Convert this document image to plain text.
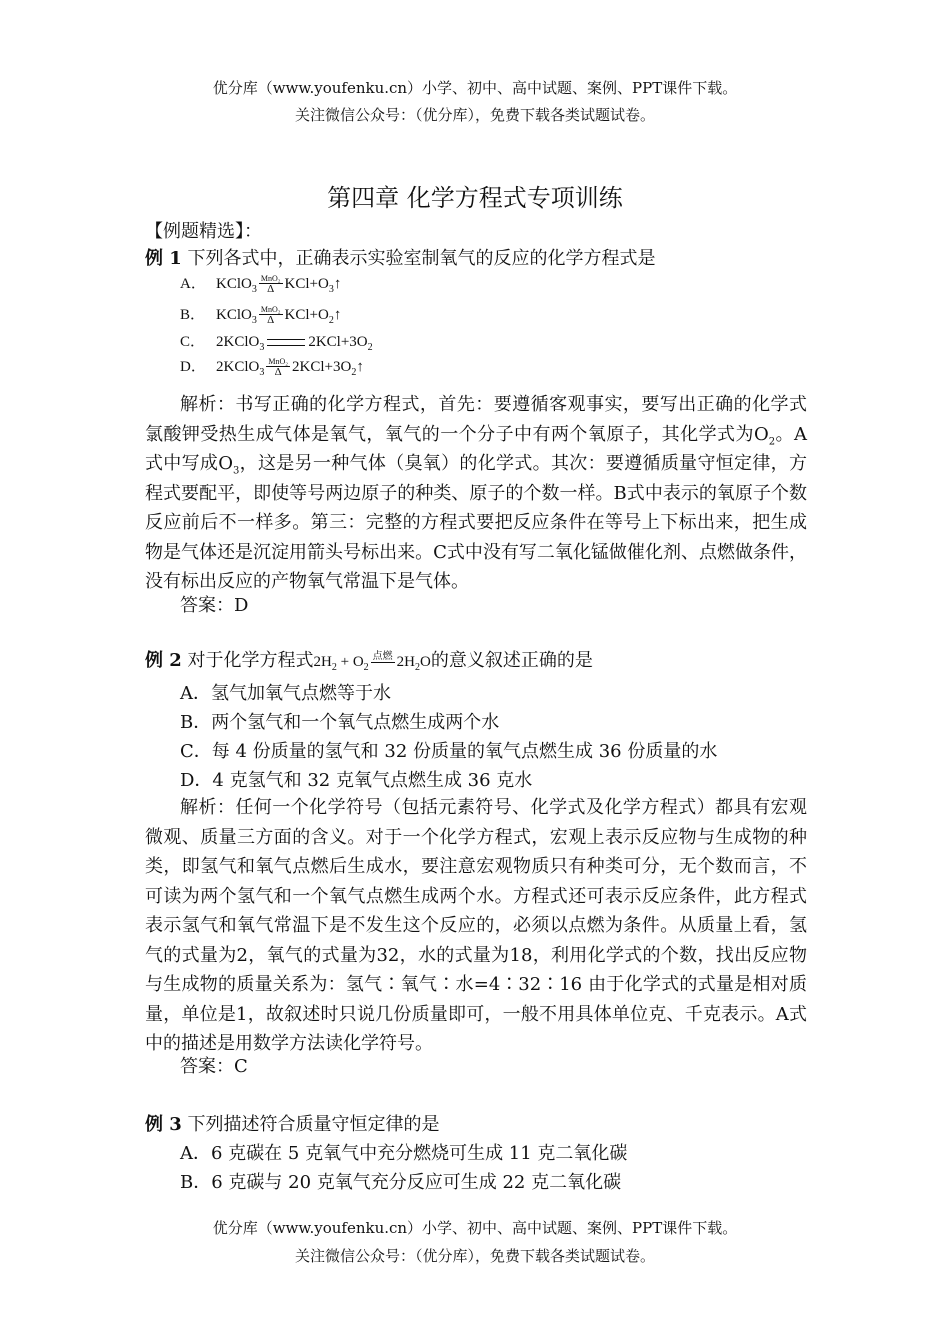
优分库（www.youfenku.cn）小学、初中、高中试题、案例、PPT课件下载。
关注微信公众号：（优分库），免费下载各类试题试卷。
第四章 化学方程式专项训练
【例题精选】：
例 1 下列各式中，正确表示实验室制氧气的反应的化学方程式是
A． KClO$_3$
MnO₂
Δ $KCl+O_3↑$
B． KClO$_3$
MnO₂
Δ $KCl+O_2↑$
C． 2KClO$_3$	$2KCl+3O_2$
D． 2KClO$_3$
MnO₂
Δ $2KCl+3O_2↑$
解析：书写正确的化学方程式，首先：要遵循客观事实，要写出正确的化学式氯酸钾受热生成气体是氧气，氧气的一个分子中有两个氧原子，其化学式为$O_2$。A式中写成$O_3$，这是另一种气体（臭氧）的化学式。其次：要遵循质量守恒定律，方程式要配平，即使等号两边原子的种类、原子的个数一样。B式中表示的氧原子个数反应前后不一样多。第三：完整的方程式要把反应条件在等号上下标出来，把生成物是气体还是沉淀用箭头号标出来。C式中没有写二氧化锰做催化剂、点燃做条件，没有标出反应的产物氧气常温下是气体。
答案：D
例 2 对于化学方程式$2H_2 + O_2$
点燃
$2H_2O$的意义叙述正确的是
A．氢气加氧气点燃等于水
B．两个氢气和一个氧气点燃生成两个水
C．每 4 份质量的氢气和 32 份质量的氧气点燃生成 36 份质量的水
D．4 克氢气和 32 克氧气点燃生成 36 克水
解析：任何一个化学符号（包括元素符号、化学式及化学方程式）都具有宏观微观、质量三方面的含义。对于一个化学方程式，宏观上表示反应物与生成物的种类，即氢气和氧气点燃后生成水，要注意宏观物质只有种类可分，无个数而言，不可读为两个氢气和一个氧气点燃生成两个水。方程式还可表示反应条件，此方程式表示氢气和氧气常温下是不发生这个反应的，必须以点燃为条件。从质量上看，氢气的式量为2，氧气的式量为32，水的式量为18，利用化学式的个数，找出反应物与生成物的质量关系为：氢气∶氧气∶水=4∶32∶16 由于化学式的式量是相对质量，单位是1，故叙述时只说几份质量即可，一般不用具体单位克、千克表示。A式中的描述是用数学方法读化学符号。
答案：C
例 3 下列描述符合质量守恒定律的是
A．6 克碳在 5 克氧气中充分燃烧可生成 11 克二氧化碳
B．6 克碳与 20 克氧气充分反应可生成 22 克二氧化碳
优分库（www.youfenku.cn）小学、初中、高中试题、案例、PPT课件下载。
关注微信公众号：（优分库），免费下载各类试题试卷。
